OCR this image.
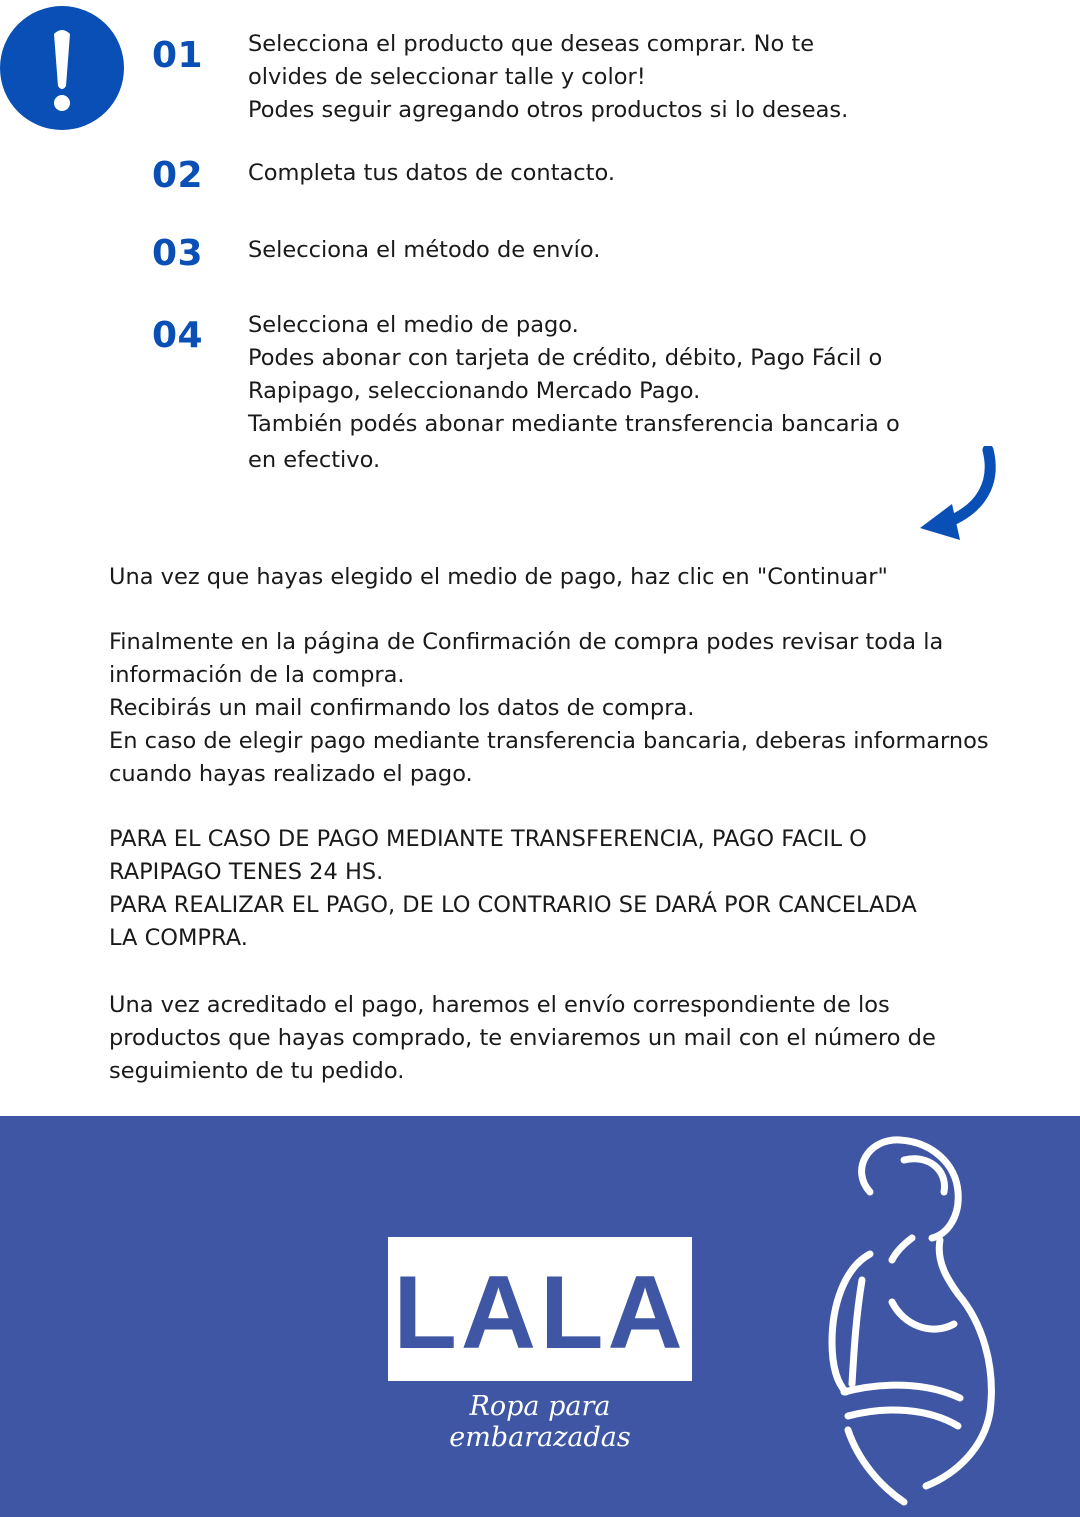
01 Selecciona el producto que deseas comprar. No te
olvides de seleccionar talle y color!
Podes seguir agregando otros productos si lo deseas.
02 Completa tus datos de contacto.
03 Selecciona el método de envío.
04 Selecciona el medio de pago.
Podes abonar con tarjeta de crédito, débito, Pago Fácil o
Rapipago, seleccionando Mercado Pago.
También podés abonar mediante transferencia bancaria o
en efectivo.
Una vez que hayas elegido el medio de pago, haz clic en "Continuar"
Finalmente en la página de Confirmación de compra podes revisar toda la
información de la compra.
Recibirás un mail confirmando los datos de compra.
En caso de elegir pago mediante transferencia bancaria, deberas informarnos
cuando hayas realizado el pago.
PARA EL CASO DE PAGO MEDIANTE TRANSFERENCIA, PAGO FACIL O
RAPIPAGO TENES 24 HS.
PARA REALIZAR EL PAGO, DE LO CONTRARIO SE DARÁ POR CANCELADA
LA COMPRA.
Una vez acreditado el pago, haremos el envío correspondiente de los
productos que hayas comprado, te enviaremos un mail con el número de
seguimiento de tu pedido.
LALA
Ropa para embarazadas
